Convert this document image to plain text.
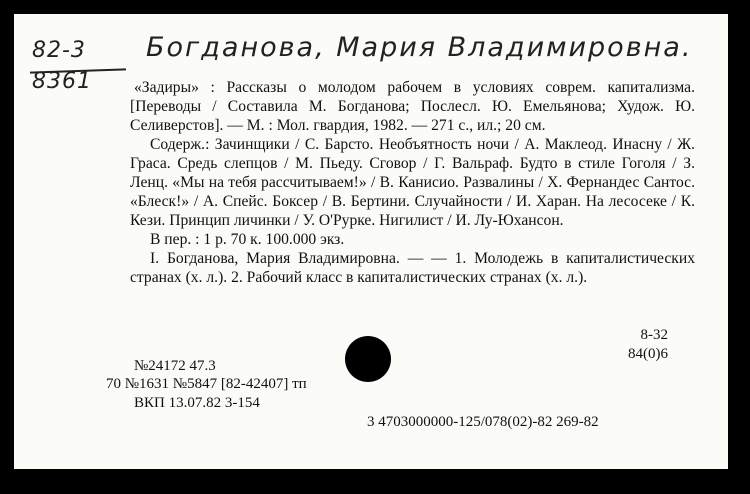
82-3
8361
Богданова, Мария Владимировна.

«Задиры» : Рассказы о молодом рабочем в условиях соврем. капитализма. [Переводы / Составила М. Богданова; Послесл. Ю. Емельянова; Худож. Ю. Селиверстов]. — М. : Мол. гвардия, 1982. — 271 с., ил.; 20 см.

Содерж.: Зачинщики / С. Барсто. Необъятность ночи / А. Маклеод. Инасну / Ж. Граса. Средь слепцов / М. Пьеду. Сговор / Г. Вальраф. Будто в стиле Гоголя / З. Ленц. «Мы на тебя рассчитываем!» / В. Канисио. Развалины / Х. Фернандес Сантос. «Блеск!» / А. Спейс. Боксер / В. Бертини. Случайности / И. Харан. На лесосеке / К. Кези. Принцип личинки / У. О'Рурке. Нигилист / И. Лу-Юхансон.

В пер. : 1 р. 70 к. 100.000 экз.

I. Богданова, Мария Владимировна. — — 1. Молодежь в капиталистических странах (х. л.). 2. Рабочий класс в капиталистических странах (х. л.).

8-32
84(0)6
№24172 47.3
70 №1631 №5847 [82-42407] тп
ВКП 13.07.82 3-154
3 4703000000-125/078(02)-82 269-82
